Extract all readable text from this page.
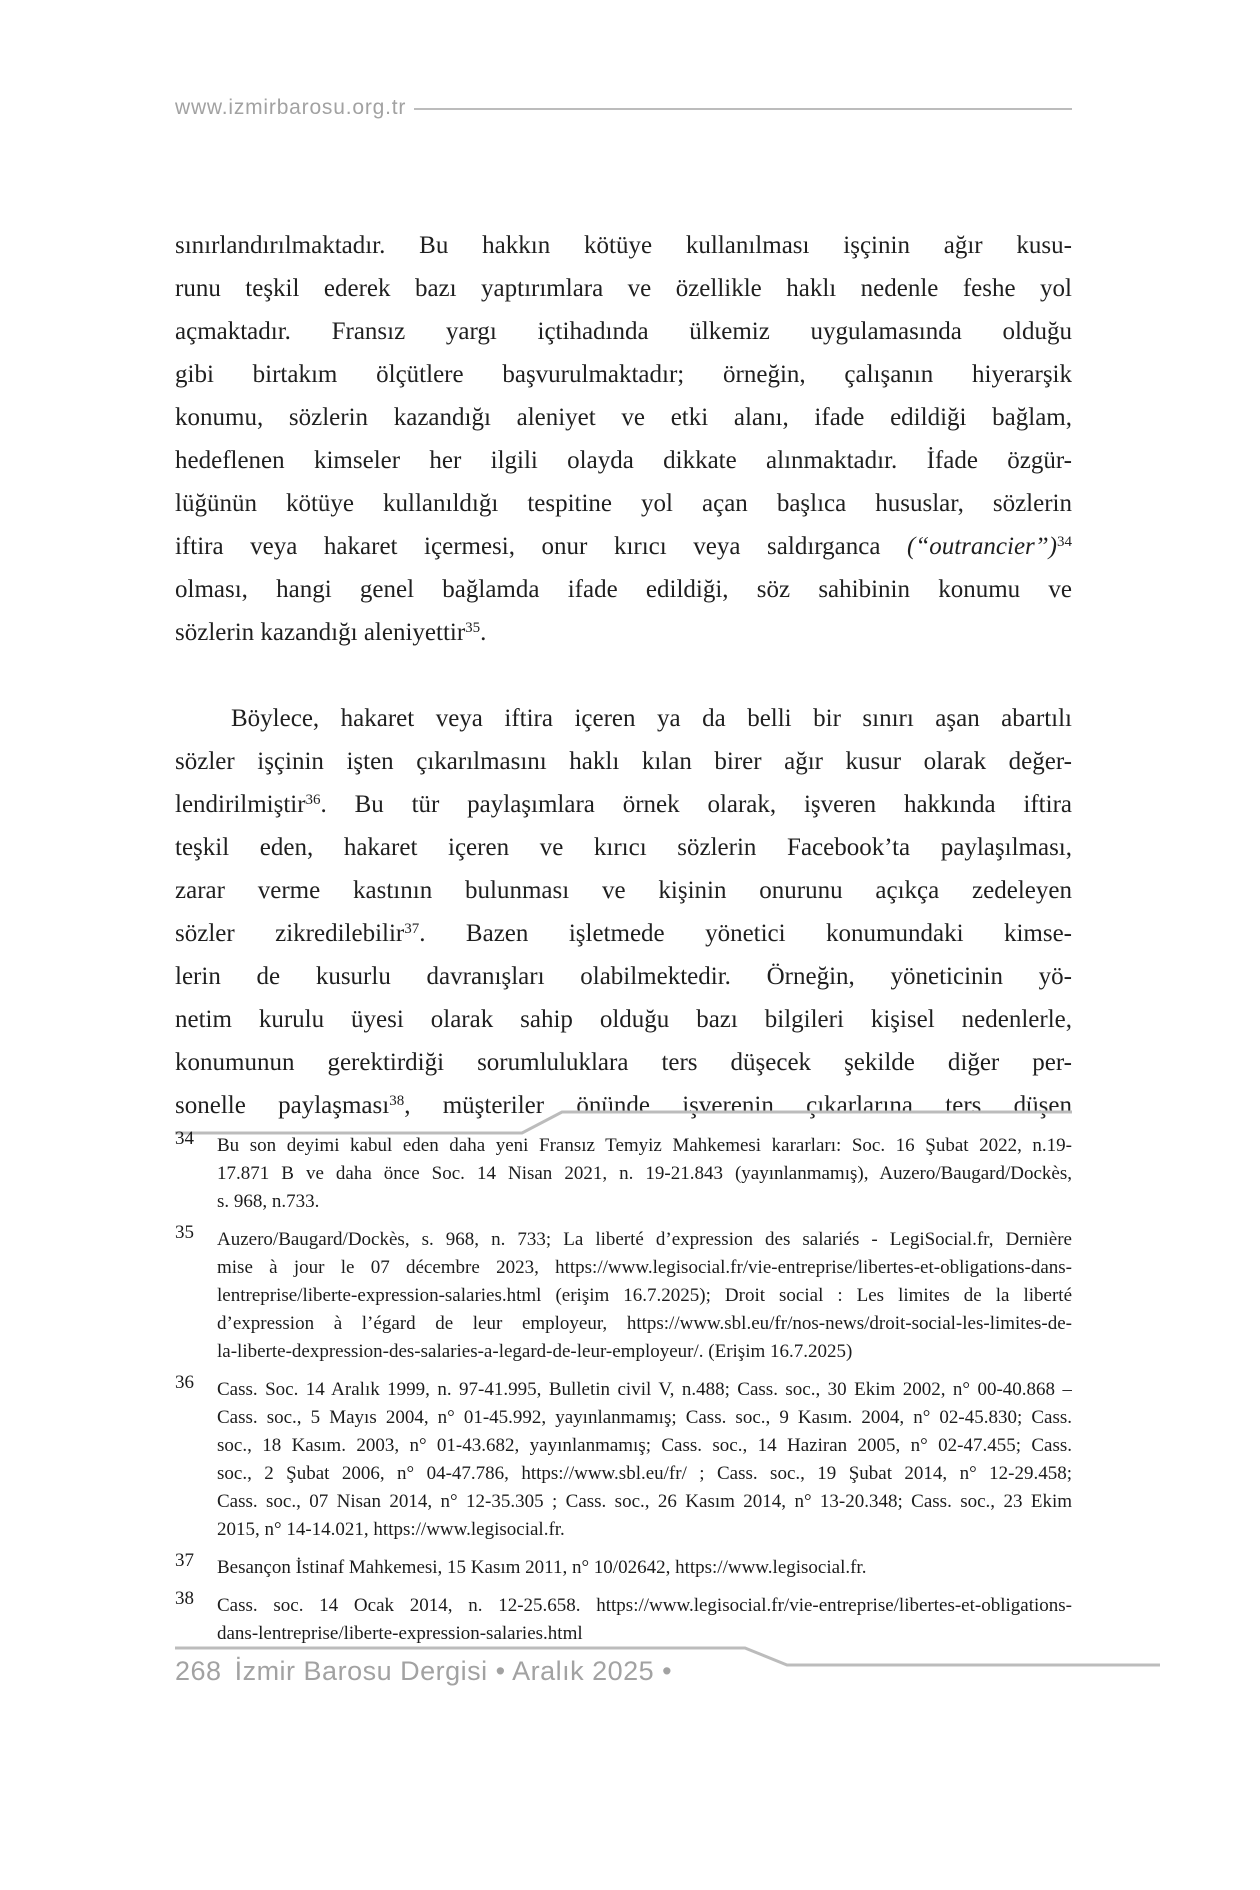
www.izmirbarosu.org.tr
sınırlandırılmaktadır. Bu hakkın kötüye kullanılması işçinin ağır kusu-
runu teşkil ederek bazı yaptırımlara ve özellikle haklı nedenle feshe yol
açmaktadır. Fransız yargı içtihadında ülkemiz uygulamasında olduğu
gibi birtakım ölçütlere başvurulmaktadır; örneğin, çalışanın hiyerarşik
konumu, sözlerin kazandığı aleniyet ve etki alanı, ifade edildiği bağlam,
hedeflenen kimseler her ilgili olayda dikkate alınmaktadır. İfade özgür-
lüğünün kötüye kullanıldığı tespitine yol açan başlıca hususlar, sözlerin
iftira veya hakaret içermesi, onur kırıcı veya saldırganca (“outrancier”)$^{34}$
olması, hangi genel bağlamda ifade edildiği, söz sahibinin konumu ve
sözlerin kazandığı aleniyettir$^{35}$.
Böylece, hakaret veya iftira içeren ya da belli bir sınırı aşan abartılı
sözler işçinin işten çıkarılmasını haklı kılan birer ağır kusur olarak değer-
lendirilmiştir$^{36}$. Bu tür paylaşımlara örnek olarak, işveren hakkında iftira
teşkil eden, hakaret içeren ve kırıcı sözlerin Facebook’ta paylaşılması,
zarar verme kastının bulunması ve kişinin onurunu açıkça zedeleyen
sözler zikredilebilir$^{37}$. Bazen işletmede yönetici konumundaki kimse-
lerin de kusurlu davranışları olabilmektedir. Örneğin, yöneticinin yö-
netim kurulu üyesi olarak sahip olduğu bazı bilgileri kişisel nedenlerle,
konumunun gerektirdiği sorumluluklara ters düşecek şekilde diğer per-
sonelle paylaşması$^{38}$, müşteriler önünde işverenin çıkarlarına ters düşen
34 Bu son deyimi kabul eden daha yeni Fransız Temyiz Mahkemesi kararları: Soc. 16 Şubat 2022, n.19-
17.871 B ve daha önce Soc. 14 Nisan 2021, n. 19-21.843 (yayınlanmamış), Auzero/Baugard/Dockès,
s. 968, n.733.
35 Auzero/Baugard/Dockès, s. 968, n. 733; La liberté d’expression des salariés - LegiSocial.fr, Dernière
mise à jour le 07 décembre 2023, https://www.legisocial.fr/vie-entreprise/libertes-et-obligations-dans-
lentreprise/liberte-expression-salaries.html (erişim 16.7.2025); Droit social : Les limites de la liberté
d’expression à l’égard de leur employeur, https://www.sbl.eu/fr/nos-news/droit-social-les-limites-de-
la-liberte-dexpression-des-salaries-a-legard-de-leur-employeur/. (Erişim 16.7.2025)
36 Cass. Soc. 14 Aralık 1999, n. 97-41.995, Bulletin civil V, n.488; Cass. soc., 30 Ekim 2002, n° 00-40.868 –
Cass. soc., 5 Mayıs 2004, n° 01-45.992, yayınlanmamış; Cass. soc., 9 Kasım. 2004, n° 02-45.830; Cass.
soc., 18 Kasım. 2003, n° 01-43.682, yayınlanmamış; Cass. soc., 14 Haziran 2005, n° 02-47.455; Cass.
soc., 2 Şubat 2006, n° 04-47.786, https://www.sbl.eu/fr/ ; Cass. soc., 19 Şubat 2014, n° 12-29.458;
Cass. soc., 07 Nisan 2014, n° 12-35.305 ; Cass. soc., 26 Kasım 2014, n° 13-20.348; Cass. soc., 23 Ekim
2015, n° 14-14.021, https://www.legisocial.fr.
37 Besançon İstinaf Mahkemesi, 15 Kasım 2011, n° 10/02642, https://www.legisocial.fr.
38 Cass. soc. 14 Ocak 2014, n. 12-25.658. https://www.legisocial.fr/vie-entreprise/libertes-et-obligations-
dans-lentreprise/liberte-expression-salaries.html
268 İzmir Barosu Dergisi • Aralık 2025 •
